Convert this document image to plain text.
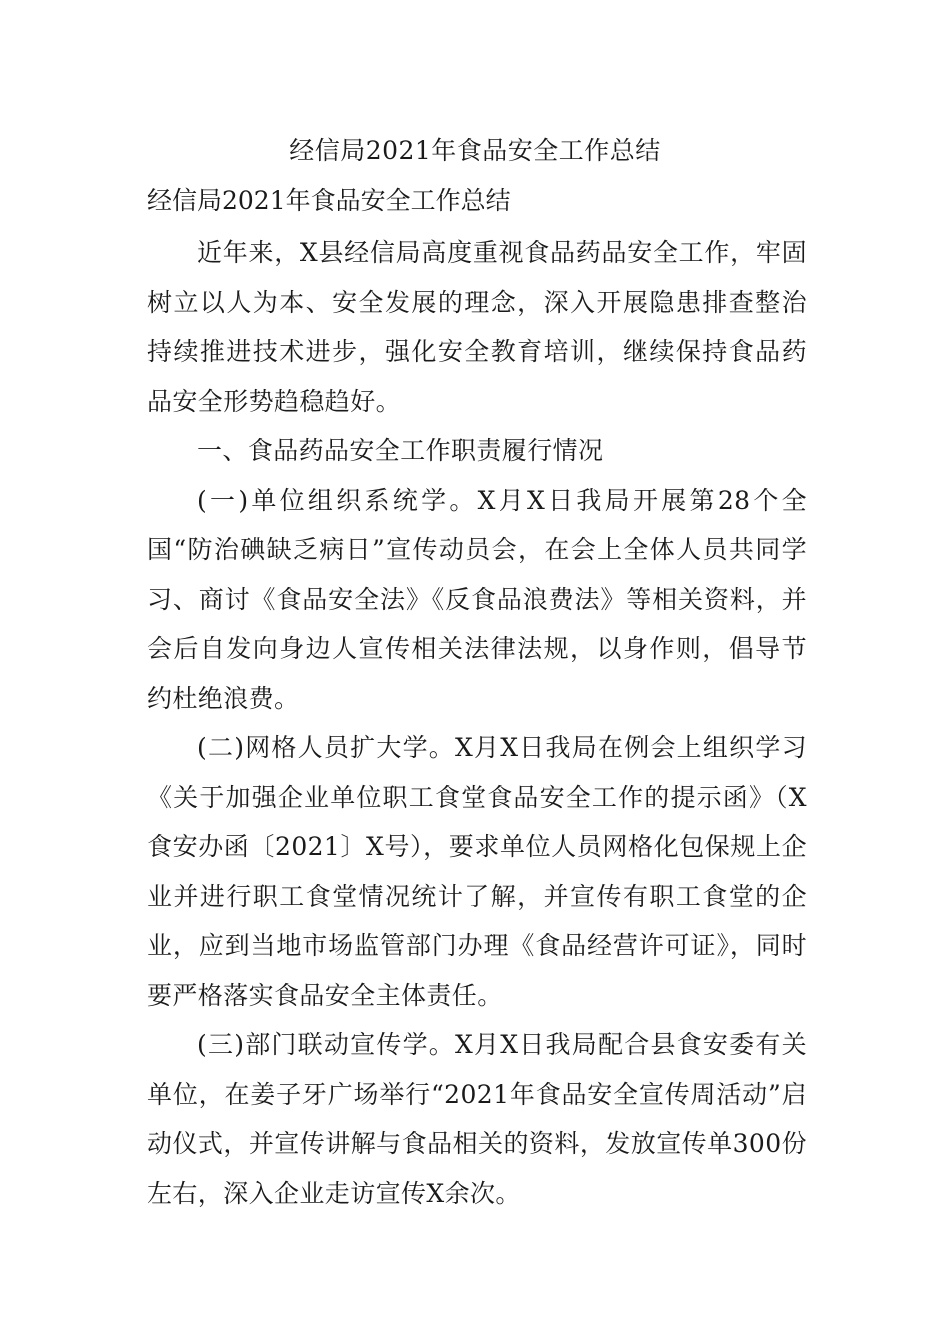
经信局2021年食品安全工作总结
经信局2021年食品安全工作总结

近年来，X县经信局高度重视食品药品安全工作，牢固树立以人为本、安全发展的理念，深入开展隐患排查整治持续推进技术进步，强化安全教育培训，继续保持食品药品安全形势趋稳趋好。

一、食品药品安全工作职责履行情况

(一)单位组织系统学。X月X日我局开展第28个全国“防治碘缺乏病日”宣传动员会，在会上全体人员共同学习、商讨《食品安全法》《反食品浪费法》等相关资料，并会后自发向身边人宣传相关法律法规，以身作则，倡导节约杜绝浪费。

(二)网格人员扩大学。X月X日我局在例会上组织学习《关于加强企业单位职工食堂食品安全工作的提示函》（X食安办函〔2021〕X号），要求单位人员网格化包保规上企业并进行职工食堂情况统计了解，并宣传有职工食堂的企业，应到当地市场监管部门办理《食品经营许可证》，同时要严格落实食品安全主体责任。

(三)部门联动宣传学。X月X日我局配合县食安委有关单位，在姜子牙广场举行“2021年食品安全宣传周活动”启动仪式，并宣传讲解与食品相关的资料，发放宣传单300份左右，深入企业走访宣传X余次。
